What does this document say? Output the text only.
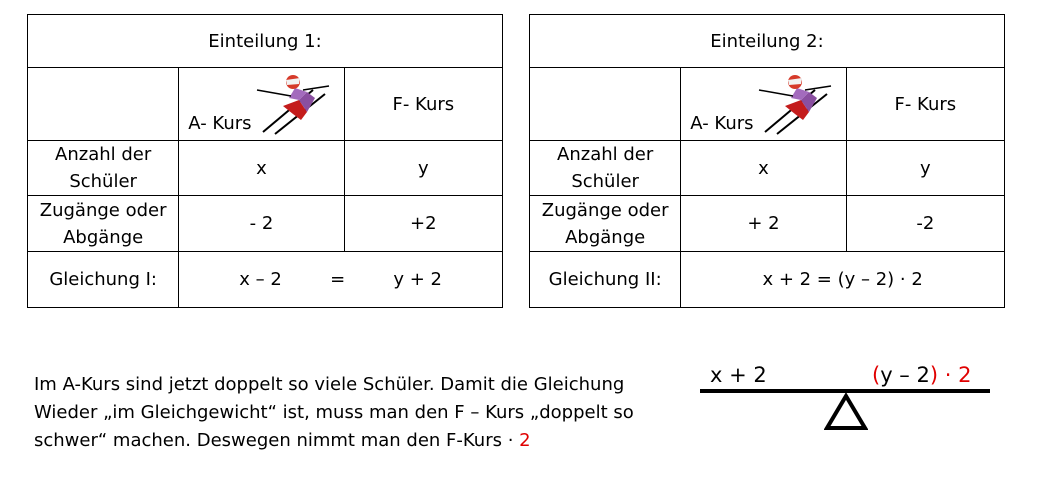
Einteilung 1:		

	A- Kurs	F- Kurs
Anzahl der Schüler	x	y
Zugänge oder Abgänge	- 2	+2
Gleichung I:	x – 2 = y + 2	
Einteilung 2:		

	A- Kurs	F- Kurs
Anzahl der Schüler	x	y
Zugänge oder Abgänge	+ 2	-2
Gleichung II:	x + 2 = (y – 2) · 2	
Im A-Kurs sind jetzt doppelt so viele Schüler. Damit die Gleichung
Wieder „im Gleichgewicht“ ist, muss man den F – Kurs „doppelt so
schwer“ machen. Deswegen nimmt man den F-Kurs · 2
x + 2	(y – 2) · 2
